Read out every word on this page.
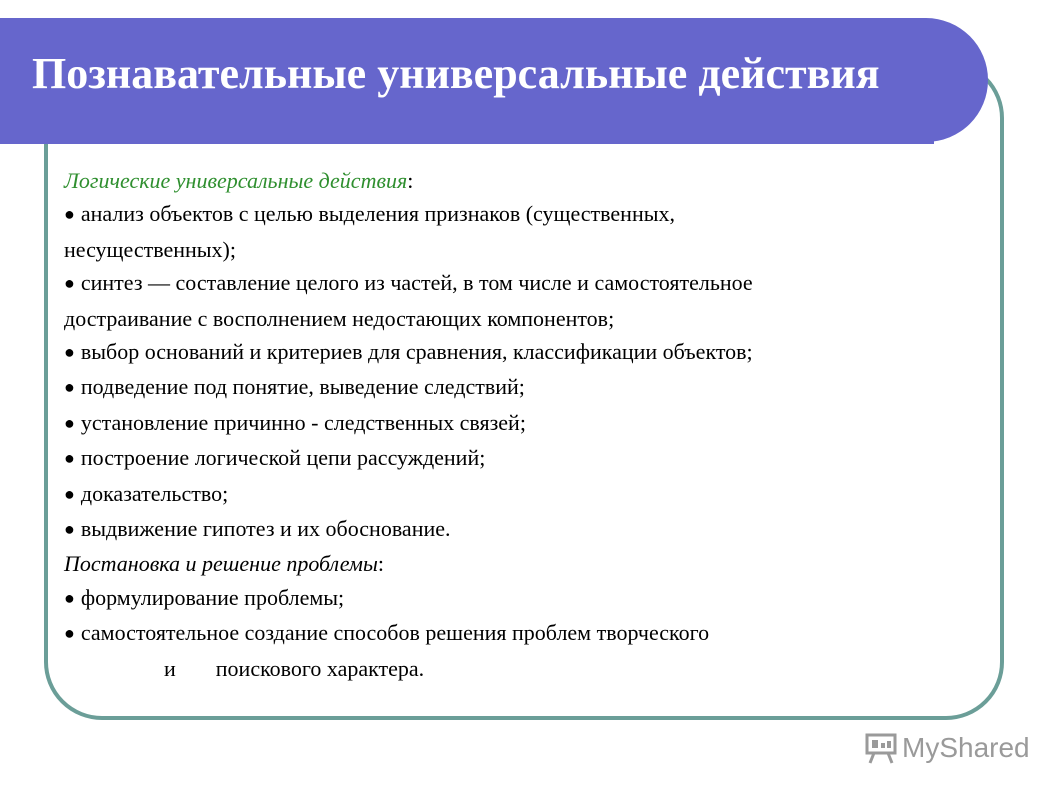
Познавательные универсальные действия

Логические универсальные действия:

● анализ объектов с целью выделения признаков (существенных,

несущественных);

● синтез — составление целого из частей, в том числе и самостоятельное

достраивание с восполнением недостающих компонентов;

● выбор оснований и критериев для сравнения, классификации объектов;

● подведение под понятие, выведение следствий;

● установление причинно - следственных связей;

● построение логической цепи рассуждений;

● доказательство;

● выдвижение гипотез и их обоснование.

Постановка и решение проблемы:

● формулирование проблемы;

● самостоятельное создание способов решения проблем творческого

и поискового характера.

MyShared
